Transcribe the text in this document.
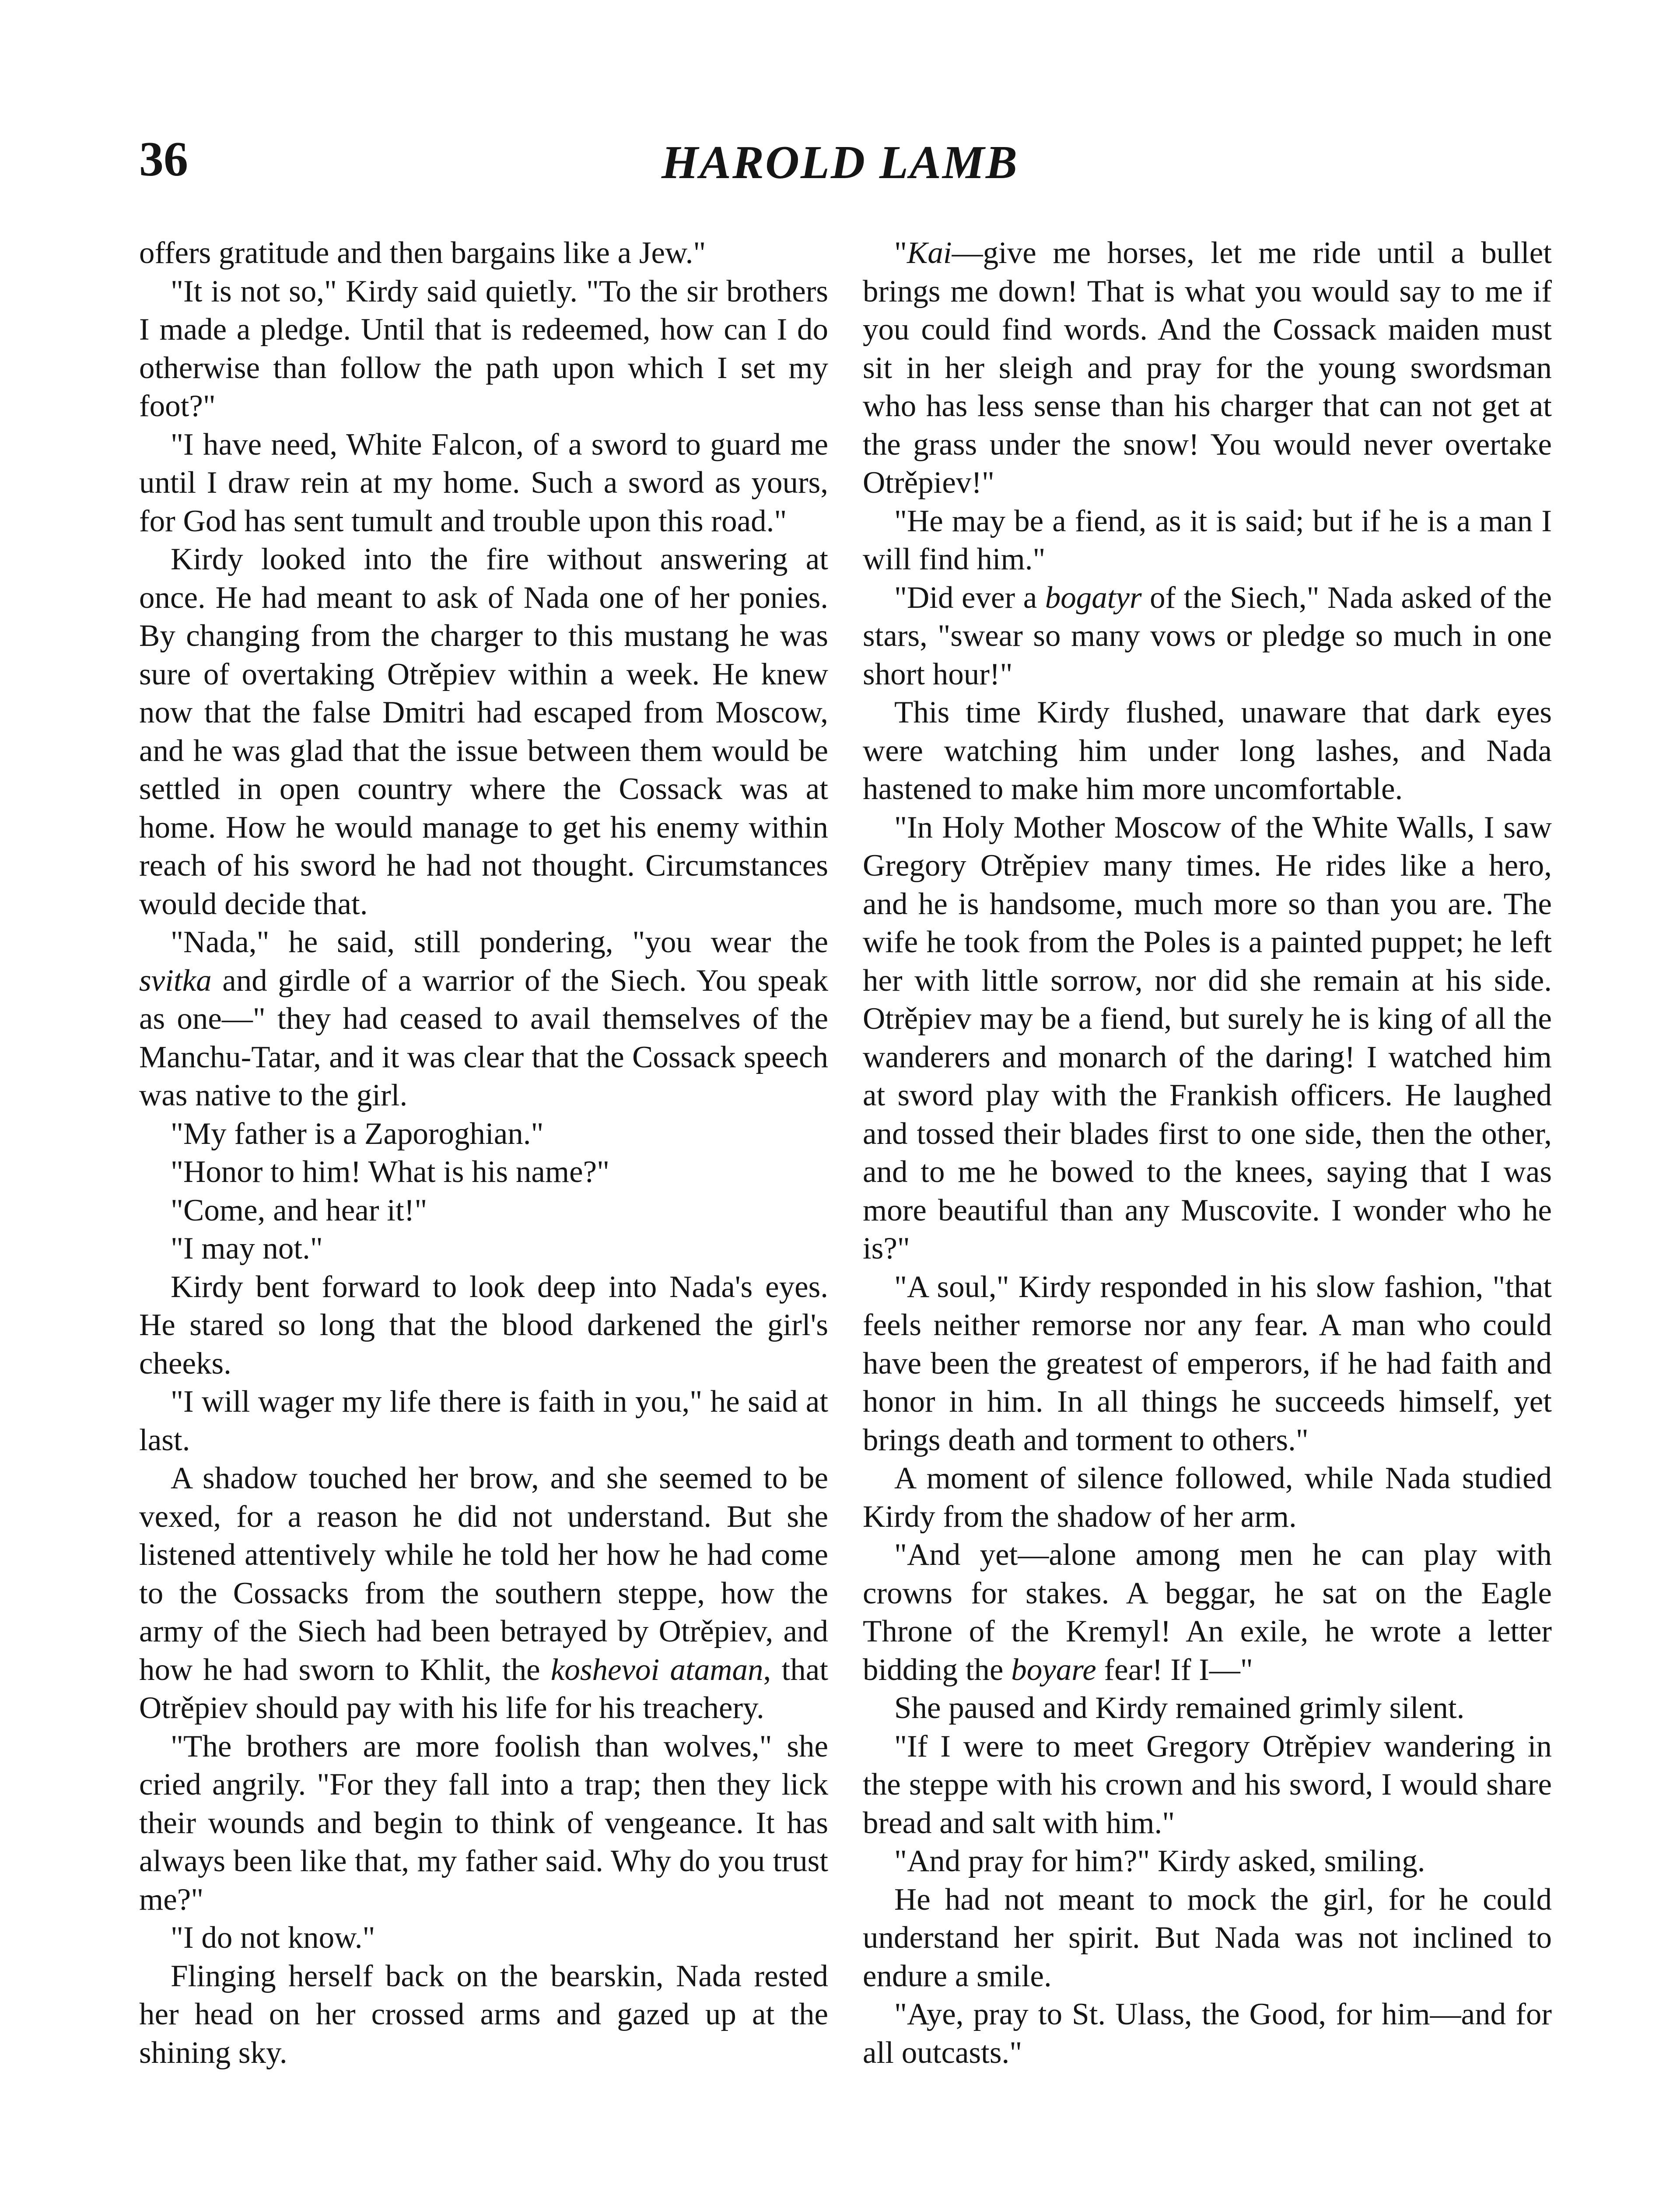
36	HAROLD LAMB

offers gratitude and then bargains like a Jew."

"It is not so," Kirdy said quietly. "To the sir brothers I made a pledge. Until that is redeemed, how can I do otherwise than follow the path upon which I set my foot?"

"I have need, White Falcon, of a sword to guard me until I draw rein at my home. Such a sword as yours, for God has sent tumult and trouble upon this road."

Kirdy looked into the fire without answering at once. He had meant to ask of Nada one of her ponies. By changing from the charger to this mustang he was sure of overtaking Otrěpiev within a week. He knew now that the false Dmitri had escaped from Moscow, and he was glad that the issue between them would be settled in open country where the Cossack was at home. How he would manage to get his enemy within reach of his sword he had not thought. Circumstances would decide that.

"Nada," he said, still pondering, "you wear the svitka and girdle of a warrior of the Siech. You speak as one—" they had ceased to avail themselves of the Manchu-Tatar, and it was clear that the Cossack speech was native to the girl.

"My father is a Zaporoghian."

"Honor to him! What is his name?"

"Come, and hear it!"

"I may not."

Kirdy bent forward to look deep into Nada's eyes. He stared so long that the blood darkened the girl's cheeks.

"I will wager my life there is faith in you," he said at last.

A shadow touched her brow, and she seemed to be vexed, for a reason he did not understand. But she listened attentively while he told her how he had come to the Cossacks from the southern steppe, how the army of the Siech had been betrayed by Otrěpiev, and how he had sworn to Khlit, the koshevoi ataman, that Otrěpiev should pay with his life for his treachery.

"The brothers are more foolish than wolves," she cried angrily. "For they fall into a trap; then they lick their wounds and begin to think of vengeance. It has always been like that, my father said. Why do you trust me?"

"I do not know."

Flinging herself back on the bearskin, Nada rested her head on her crossed arms and gazed up at the shining sky.

"Kai—give me horses, let me ride until a bullet brings me down! That is what you would say to me if you could find words. And the Cossack maiden must sit in her sleigh and pray for the young swordsman who has less sense than his charger that can not get at the grass under the snow! You would never overtake Otrěpiev!"

"He may be a fiend, as it is said; but if he is a man I will find him."

"Did ever a bogatyr of the Siech," Nada asked of the stars, "swear so many vows or pledge so much in one short hour!"

This time Kirdy flushed, unaware that dark eyes were watching him under long lashes, and Nada hastened to make him more uncomfortable.

"In Holy Mother Moscow of the White Walls, I saw Gregory Otrěpiev many times. He rides like a hero, and he is handsome, much more so than you are. The wife he took from the Poles is a painted puppet; he left her with little sorrow, nor did she remain at his side. Otrěpiev may be a fiend, but surely he is king of all the wanderers and monarch of the daring! I watched him at sword play with the Frankish officers. He laughed and tossed their blades first to one side, then the other, and to me he bowed to the knees, saying that I was more beautiful than any Muscovite. I wonder who he is?"

"A soul," Kirdy responded in his slow fashion, "that feels neither remorse nor any fear. A man who could have been the greatest of emperors, if he had faith and honor in him. In all things he succeeds himself, yet brings death and torment to others."

A moment of silence followed, while Nada studied Kirdy from the shadow of her arm.

"And yet—alone among men he can play with crowns for stakes. A beggar, he sat on the Eagle Throne of the Kremyl! An exile, he wrote a letter bidding the boyare fear! If I—"

She paused and Kirdy remained grimly silent.

"If I were to meet Gregory Otrěpiev wandering in the steppe with his crown and his sword, I would share bread and salt with him."

"And pray for him?" Kirdy asked, smiling.

He had not meant to mock the girl, for he could understand her spirit. But Nada was not inclined to endure a smile.

"Aye, pray to St. Ulass, the Good, for him—and for all outcasts."
